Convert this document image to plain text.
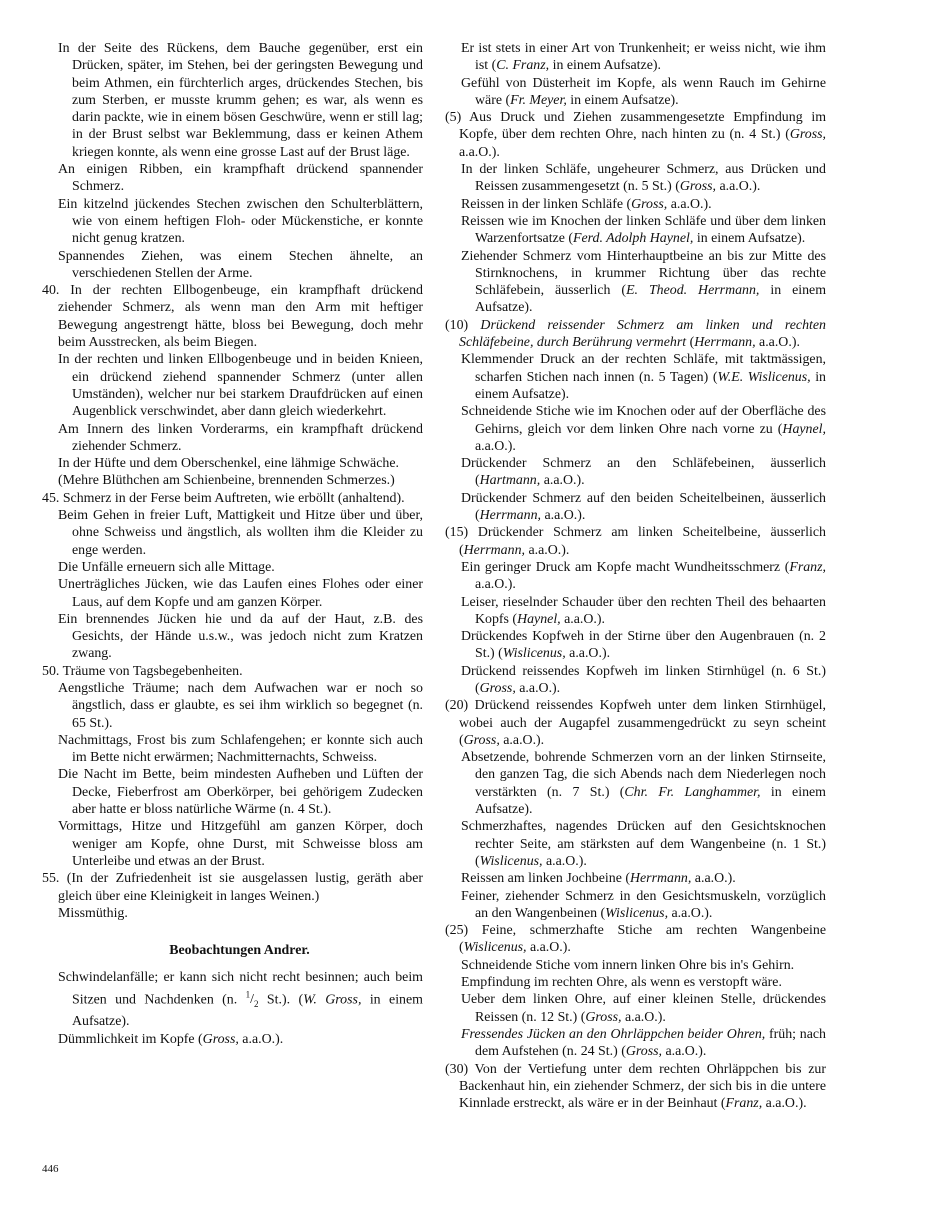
In der Seite des Rückens, dem Bauche gegenüber, erst ein Drücken, später, im Stehen, bei der geringsten Bewegung und beim Athmen, ein fürchterlich arges, drückendes Stechen, bis zum Sterben, er musste krumm gehen; es war, als wenn es darin packte, wie in einem bösen Geschwüre, wenn er still lag; in der Brust selbst war Beklemmung, dass er keinen Athem kriegen konnte, als wenn eine grosse Last auf der Brust läge.

An einigen Ribben, ein krampfhaft drückend spannender Schmerz.

Ein kitzelnd jückendes Stechen zwischen den Schulterblättern, wie von einem heftigen Floh- oder Mückenstiche, er konnte nicht genug kratzen.

Spannendes Ziehen, was einem Stechen ähnelte, an verschiedenen Stellen der Arme.

40. In der rechten Ellbogenbeuge, ein krampfhaft drückend ziehender Schmerz, als wenn man den Arm mit heftiger Bewegung angestrengt hätte, bloss bei Bewegung, doch mehr beim Ausstrecken, als beim Biegen.

In der rechten und linken Ellbogenbeuge und in beiden Knieen, ein drückend ziehend spannender Schmerz (unter allen Umständen), welcher nur bei starkem Draufdrücken auf einen Augenblick verschwindet, aber dann gleich wiederkehrt.

Am Innern des linken Vorderarms, ein krampfhaft drückend ziehender Schmerz.

In der Hüfte und dem Oberschenkel, eine lähmige Schwäche.

(Mehre Blüthchen am Schienbeine, brennenden Schmerzes.)

45. Schmerz in der Ferse beim Auftreten, wie erböllt (anhaltend).

Beim Gehen in freier Luft, Mattigkeit und Hitze über und über, ohne Schweiss und ängstlich, als wollten ihm die Kleider zu enge werden.

Die Unfälle erneuern sich alle Mittage.

Unerträgliches Jücken, wie das Laufen eines Flohes oder einer Laus, auf dem Kopfe und am ganzen Körper.

Ein brennendes Jücken hie und da auf der Haut, z.B. des Gesichts, der Hände u.s.w., was jedoch nicht zum Kratzen zwang.

50. Träume von Tagsbegebenheiten.

Aengstliche Träume; nach dem Aufwachen war er noch so ängstlich, dass er glaubte, es sei ihm wirklich so begegnet (n. 65 St.).

Nachmittags, Frost bis zum Schlafengehen; er konnte sich auch im Bette nicht erwärmen; Nachmitternachts, Schweiss.

Die Nacht im Bette, beim mindesten Aufheben und Lüften der Decke, Fieberfrost am Oberkörper, bei gehörigem Zudecken aber hatte er bloss natürliche Wärme (n. 4 St.).

Vormittags, Hitze und Hitzgefühl am ganzen Körper, doch weniger am Kopfe, ohne Durst, mit Schweisse bloss am Unterleibe und etwas an der Brust.

55. (In der Zufriedenheit ist sie ausgelassen lustig, geräth aber gleich über eine Kleinigkeit in langes Weinen.)

Missmüthig.

Beobachtungen Andrer.

Schwindelanfälle; er kann sich nicht recht besinnen; auch beim Sitzen und Nachdenken (n. $^1/_2$ St.). (W. Gross, in einem Aufsatze).

Dümmlichkeit im Kopfe (Gross, a.a.O.).

Er ist stets in einer Art von Trunkenheit; er weiss nicht, wie ihm ist (C. Franz, in einem Aufsatze).

Gefühl von Düsterheit im Kopfe, als wenn Rauch im Gehirne wäre (Fr. Meyer, in einem Aufsatze).

(5) Aus Druck und Ziehen zusammengesetzte Empfindung im Kopfe, über dem rechten Ohre, nach hinten zu (n. 4 St.) (Gross, a.a.O.).

In der linken Schläfe, ungeheurer Schmerz, aus Drücken und Reissen zusammengesetzt (n. 5 St.) (Gross, a.a.O.).

Reissen in der linken Schläfe (Gross, a.a.O.).

Reissen wie im Knochen der linken Schläfe und über dem linken Warzenfortsatze (Ferd. Adolph Haynel, in einem Aufsatze).

Ziehender Schmerz vom Hinterhauptbeine an bis zur Mitte des Stirnknochens, in krummer Richtung über das rechte Schläfebein, äusserlich (E. Theod. Herrmann, in einem Aufsatze).

(10) Drückend reissender Schmerz am linken und rechten Schläfebeine, durch Berührung vermehrt (Herrmann, a.a.O.).

Klemmender Druck an der rechten Schläfe, mit taktmässigen, scharfen Stichen nach innen (n. 5 Tagen) (W.E. Wislicenus, in einem Aufsatze).

Schneidende Stiche wie im Knochen oder auf der Oberfläche des Gehirns, gleich vor dem linken Ohre nach vorne zu (Haynel, a.a.O.).

Drückender Schmerz an den Schläfebeinen, äusserlich (Hartmann, a.a.O.).

Drückender Schmerz auf den beiden Scheitelbeinen, äusserlich (Herrmann, a.a.O.).

(15) Drückender Schmerz am linken Scheitelbeine, äusserlich (Herrmann, a.a.O.).

Ein geringer Druck am Kopfe macht Wundheitsschmerz (Franz, a.a.O.).

Leiser, rieselnder Schauder über den rechten Theil des behaarten Kopfs (Haynel, a.a.O.).

Drückendes Kopfweh in der Stirne über den Augenbrauen (n. 2 St.) (Wislicenus, a.a.O.).

Drückend reissendes Kopfweh im linken Stirnhügel (n. 6 St.) (Gross, a.a.O.).

(20) Drückend reissendes Kopfweh unter dem linken Stirnhügel, wobei auch der Augapfel zusammengedrückt zu seyn scheint (Gross, a.a.O.).

Absetzende, bohrende Schmerzen vorn an der linken Stirnseite, den ganzen Tag, die sich Abends nach dem Niederlegen noch verstärkten (n. 7 St.) (Chr. Fr. Langhammer, in einem Aufsatze).

Schmerzhaftes, nagendes Drücken auf den Gesichtsknochen rechter Seite, am stärksten auf dem Wangenbeine (n. 1 St.) (Wislicenus, a.a.O.).

Reissen am linken Jochbeine (Herrmann, a.a.O.).

Feiner, ziehender Schmerz in den Gesichtsmuskeln, vorzüglich an den Wangenbeinen (Wislicenus, a.a.O.).

(25) Feine, schmerzhafte Stiche am rechten Wangenbeine (Wislicenus, a.a.O.).

Schneidende Stiche vom innern linken Ohre bis in's Gehirn.

Empfindung im rechten Ohre, als wenn es verstopft wäre.

Ueber dem linken Ohre, auf einer kleinen Stelle, drückendes Reissen (n. 12 St.) (Gross, a.a.O.).

Fressendes Jücken an den Ohrläppchen beider Ohren, früh; nach dem Aufstehen (n. 24 St.) (Gross, a.a.O.).

(30) Von der Vertiefung unter dem rechten Ohrläppchen bis zur Backenhaut hin, ein ziehender Schmerz, der sich bis in die untere Kinnlade erstreckt, als wäre er in der Beinhaut (Franz, a.a.O.).

446
